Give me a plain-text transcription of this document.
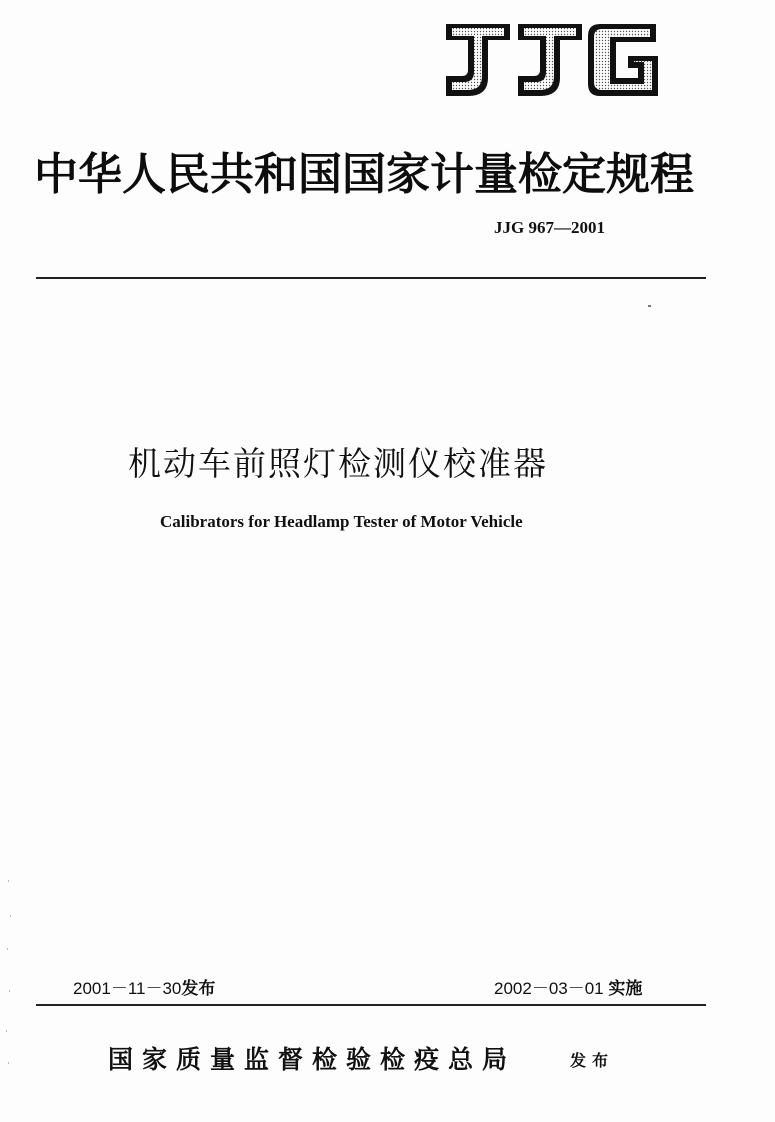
中华人民共和国国家计量检定规程
JJG 967—2001
机动车前照灯检测仪校准器
Calibrators for Headlamp Tester of Motor Vehicle
2001－11－30发布	2002－03－01 实施
国家质量监督检验检疫总局	发布
